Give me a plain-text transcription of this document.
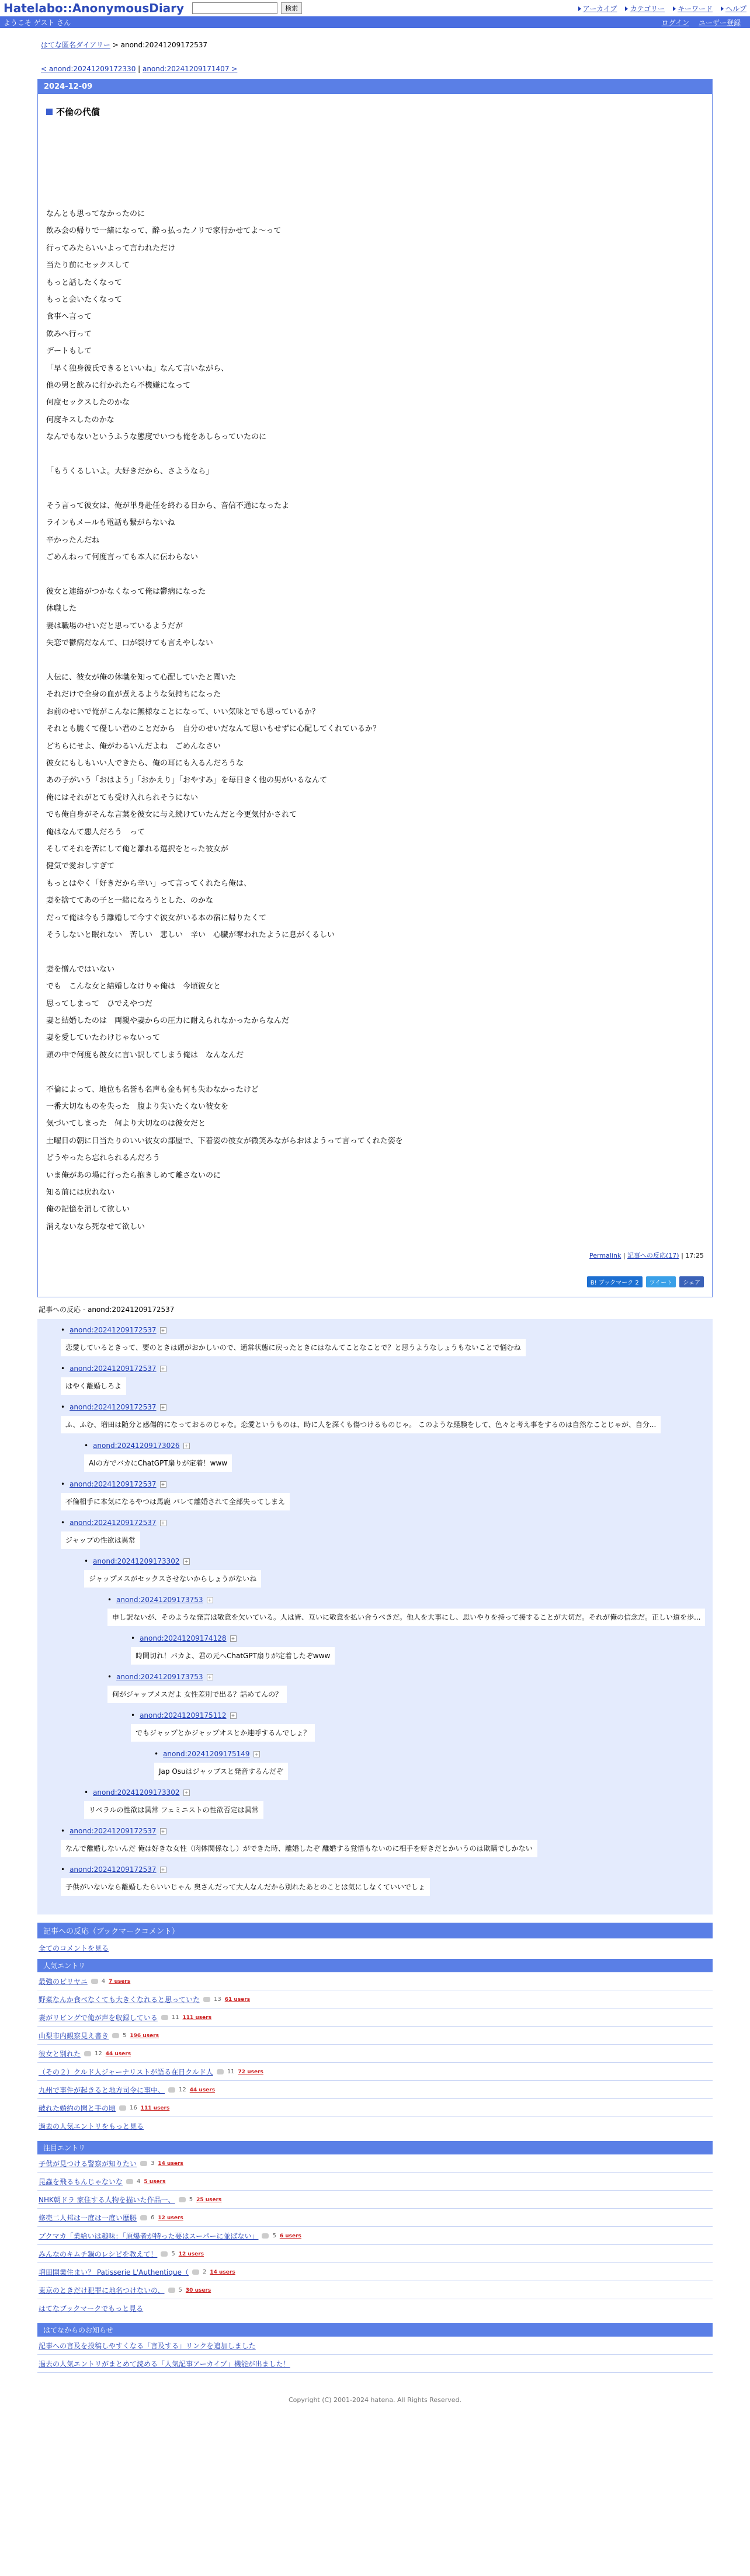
Hatelabo::AnonymousDiary	検索	アーカイブ カテゴリー キーワード ヘルプ
ようこそ ゲスト さん	ログイン ユーザー登録
はてな匿名ダイアリー > anond:20241209172537
< anond:20241209172330 | anond:20241209171407 >
2024-12-09
不倫の代償

なんとも思ってなかったのに

飲み会の帰りで一緒になって、酔っ払ったノリで家行かせてよ〜って

行ってみたらいいよって言われただけ

当たり前にセックスして

もっと話したくなって

もっと会いたくなって

食事へ言って

飲みへ行って

デートもして

「早く独身彼氏できるといいね」なんて言いながら、

他の男と飲みに行かれたら不機嫌になって

何度セックスしたのかな

何度キスしたのかな

なんでもないというふうな態度でいつも俺をあしらっていたのに

「もうくるしいよ。大好きだから、さようなら」

そう言って彼女は、俺が単身赴任を終わる日から、音信不通になったよ

ラインもメールも電話も繋がらないね

辛かったんだね

ごめんねって何度言っても本人に伝わらない

彼女と連絡がつかなくなって俺は鬱病になった

休職した

妻は職場のせいだと思っているようだが

失恋で鬱病だなんて、口が裂けても言えやしない

人伝に、彼女が俺の休職を知って心配していたと聞いた

それだけで全身の血が煮えるような気持ちになった

お前のせいで俺がこんなに無様なことになって、いい気味とでも思っているか？

それとも脆くて優しい君のことだから　自分のせいだなんて思いもせずに心配してくれているか？

どちらにせよ、俺がわるいんだよね　ごめんなさい

彼女にもしもいい人できたら、俺の耳にも入るんだろうな

あの子がいう「おはよう」「おかえり」「おやすみ」を毎日きく他の男がいるなんて

俺にはそれがとても受け入れられそうにない

でも俺自身がそんな言葉を彼女に与え続けていたんだと今更気付かされて

俺はなんて悪人だろう　って

そしてそれを苦にして俺と離れる選択をとった彼女が

健気で愛おしすぎて

もっとはやく「好きだから辛い」って言ってくれたら俺は、

妻を捨ててあの子と一緒になろうとした、のかな

だって俺は今もう離婚して今すぐ彼女がいる本の宿に帰りたくて

そうしないと眠れない　苦しい　悲しい　辛い　心臓が奪われたように息がくるしい

妻を憎んではいない

でも　こんな女と結婚しなけりゃ俺は　今頃彼女と

思ってしまって　ひでえやつだ

妻と結婚したのは　両親や妻からの圧力に耐えられなかったからなんだ

妻を愛していたわけじゃないって

頭の中で何度も彼女に言い訳してしまう俺は　なんなんだ

不倫によって、地位も名誉も名声も金も何も失わなかったけど

一番大切なものを失った　腹より失いたくない彼女を

気づいてしまった　何より大切なのは彼女だと

土曜日の朝に日当たりのいい彼女の部屋で、下着姿の彼女が微笑みながらおはようって言ってくれた姿を

どうやったら忘れられるんだろう

いま俺があの場に行ったら抱きしめて離さないのに

知る前には戻れない

俺の記憶を消して欲しい

消えないなら死なせて欲しい

Permalink | 記事への反応(17) | 17:25
B! ブックマーク 2	ツイート	シェア
記事への反応 - anond:20241209172537
• anond:20241209172537 +
恋愛しているときって、要のときは頭がおかしいので、通常状態に戻ったときにはなんてことなことで？と思うようなしょうもないことで悩むね
• anond:20241209172537 +
はやく離婚しろよ
• anond:20241209172537 +
ふ、ふむ、増田は随分と感傷的になっておるのじゃな。恋愛というものは、時に人を深くも傷つけるものじゃ。 このような経験をして、色々と考え事をするのは自然なことじゃが、自分...
• anond:20241209173026 +
AIの方でバカにChatGPT扇りが定着！www
• anond:20241209172537 +
不倫相手に本気になるやつは馬鹿 バレて離婚されて全部失ってしまえ
• anond:20241209172537 +
ジャップの性欲は異常
• anond:20241209173302 +
ジャップメスがセックスさせないからしょうがないね
• anond:20241209173753 +
申し訳ないが、そのような発言は敬意を欠いている。人は皆、互いに敬意を払い合うべきだ。他人を大事にし、思いやりを持って接することが大切だ。それが俺の信念だ。正しい道を歩...
• anond:20241209174128 +
時間切れ！バカよ、君の元へChatGPT扇りが定着したぞwww
• anond:20241209173753 +
何がジャップメスだよ 女性差別で出る？話めてんの？
• anond:20241209175112 +
でもジャップとかジャップオスとか連呼するんでしょ？
• anond:20241209175149 +
Jap Osuはジャップスと発音するんだぞ
• anond:20241209173302 +
リベラルの性欲は異常 フェミニストの性欲否定は異常
• anond:20241209172537 +
なんで離婚しないんだ 俺は好きな女性（肉体関係なし）ができた時、離婚したぞ 離婚する覚悟もないのに相手を好きだとかいうのは欺瞞でしかない
• anond:20241209172537 +
子供がいないなら離婚したらいいじゃん 奥さんだって大人なんだから別れたあとのことは気にしなくていいでしょ
記事への反応（ブックマークコメント）
全てのコメントを見る
人気エントリ
最強のピリヤニ 4 7 users
野菜なんか食べなくても大きくなれると思っていた 13 61 users
妻がリビングで俺が声を収録している 11 111 users
山梨市内観察見え書き 5 196 users
彼女と別れた 12 44 users
（その２）クルド人ジャーナリストが語る在日クルド人 11 72 users
九州で事件が起きると地方司令に事中、 12 44 users
破れた婚約の聞と手の頃 16 111 users
過去の人気エントリをもっと見る
注目エントリ
子供が見つける警察が知りたい 3 14 users
昆蟲を飛るもんじゃないな 4 5 users
NHK朝ドラ 家住する人物を描いた作品一、 5 25 users
修売二人邦は一度は一度い歴勝 6 12 users
ブクマカ「業給いは趣味：「原爆者が特った要はスーパーに並ばない」 5 6 users
みんなのキムチ鍋のレシピを教えて！ 5 12 users
増田開業住まい？ Patisserie L'Authentique（ 2 14 users
東京のときだけ犯罪に地名つけないの、 5 30 users
はてなブックマークでもっと見る
はてなからのお知らせ
記事への言及を投稿しやすくなる「言及する」リンクを追加しました
過去の人気エントリがまとめて読める「人気記事アーカイブ」機能が出ました！
Copyright (C) 2001-2024 hatena. All Rights Reserved.
